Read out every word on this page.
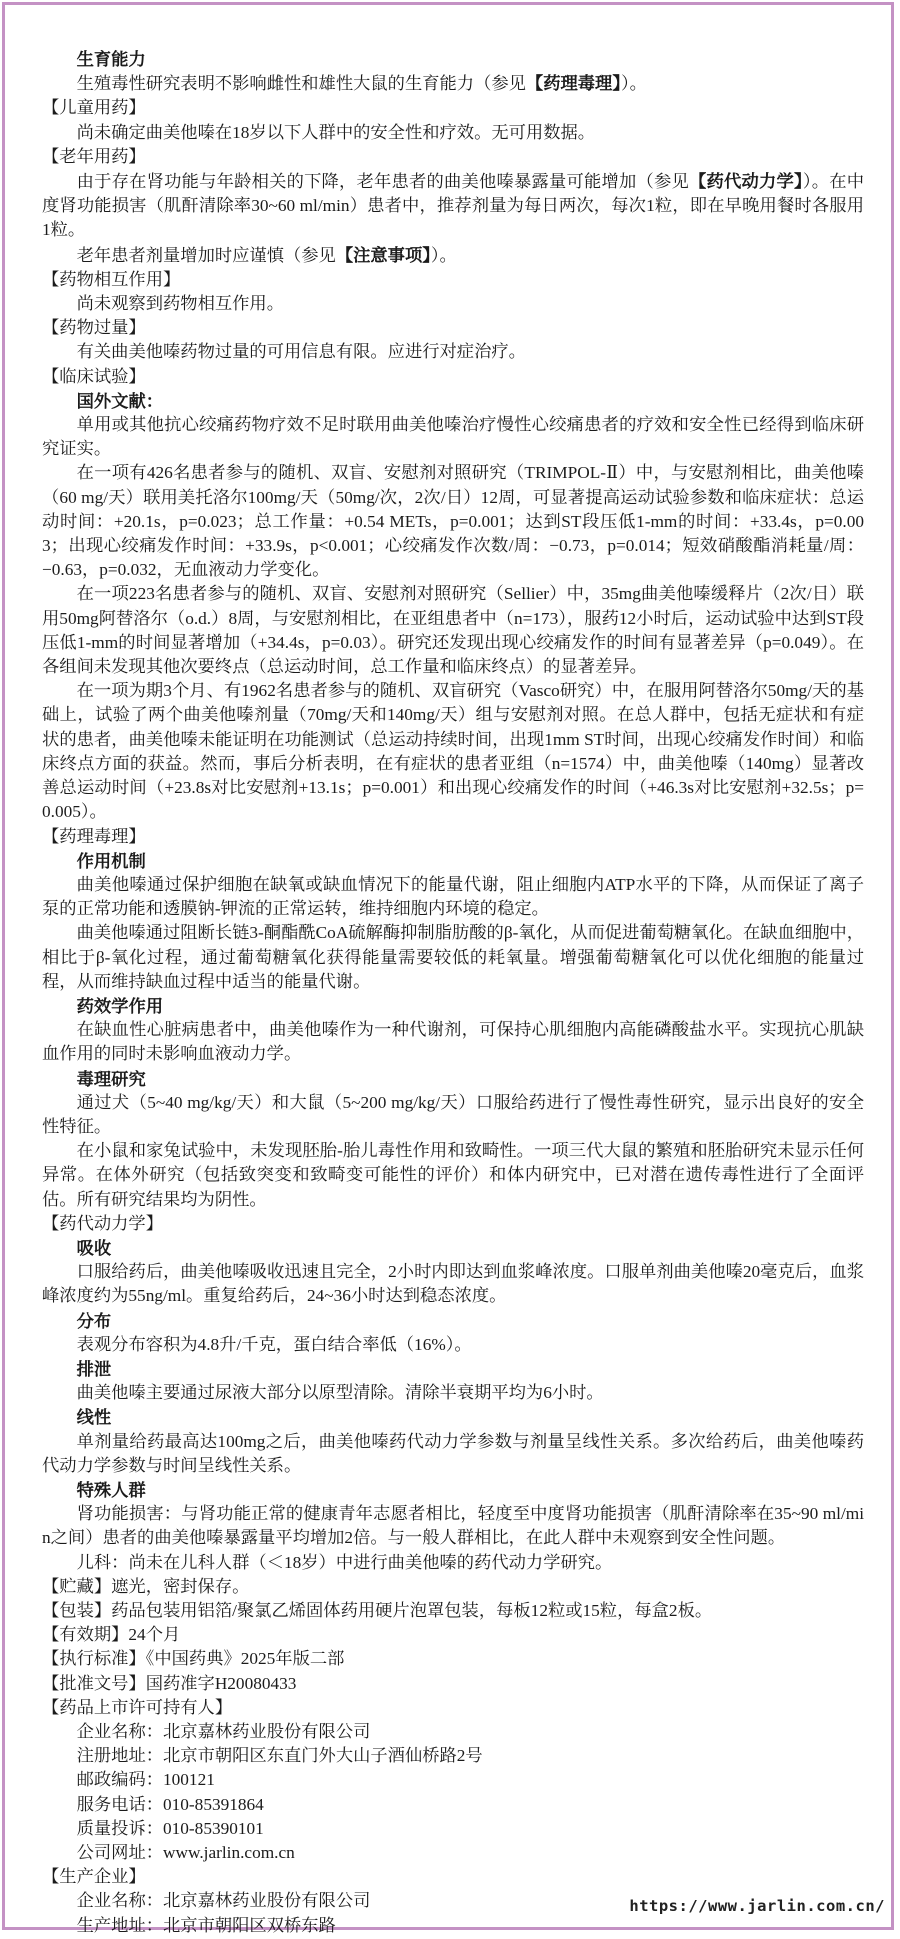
生育能力
生殖毒性研究表明不影响雌性和雄性大鼠的生育能力（参见【药理毒理】）。
【儿童用药】
尚未确定曲美他嗪在18岁以下人群中的安全性和疗效。无可用数据。
【老年用药】
由于存在肾功能与年龄相关的下降，老年患者的曲美他嗪暴露量可能增加（参见【药代动力学】）。在中度肾功能损害（肌酐清除率30~60 ml/min）患者中，推荐剂量为每日两次，每次1粒，即在早晚用餐时各服用1粒。
老年患者剂量增加时应谨慎（参见【注意事项】）。
【药物相互作用】
尚未观察到药物相互作用。
【药物过量】
有关曲美他嗪药物过量的可用信息有限。应进行对症治疗。
【临床试验】
国外文献：
单用或其他抗心绞痛药物疗效不足时联用曲美他嗪治疗慢性心绞痛患者的疗效和安全性已经得到临床研究证实。
在一项有426名患者参与的随机、双盲、安慰剂对照研究（TRIMPOL-Ⅱ）中，与安慰剂相比，曲美他嗪（60 mg/天）联用美托洛尔100mg/天（50mg/次，2次/日）12周，可显著提高运动试验参数和临床症状：总运动时间：+20.1s，p=0.023；总工作量：+0.54 METs，p=0.001；达到ST段压低1-mm的时间：+33.4s，p=0.003；出现心绞痛发作时间：+33.9s，p<0.001；心绞痛发作次数/周：−0.73，p=0.014；短效硝酸酯消耗量/周：−0.63，p=0.032，无血液动力学变化。
在一项223名患者参与的随机、双盲、安慰剂对照研究（Sellier）中，35mg曲美他嗪缓释片（2次/日）联用50mg阿替洛尔（o.d.）8周，与安慰剂相比，在亚组患者中（n=173），服药12小时后，运动试验中达到ST段压低1-mm的时间显著增加（+34.4s，p=0.03）。研究还发现出现心绞痛发作的时间有显著差异（p=0.049）。在各组间未发现其他次要终点（总运动时间，总工作量和临床终点）的显著差异。
在一项为期3个月、有1962名患者参与的随机、双盲研究（Vasco研究）中，在服用阿替洛尔50mg/天的基础上，试验了两个曲美他嗪剂量（70mg/天和140mg/天）组与安慰剂对照。在总人群中，包括无症状和有症状的患者，曲美他嗪未能证明在功能测试（总运动持续时间，出现1mm ST时间，出现心绞痛发作时间）和临床终点方面的获益。然而，事后分析表明，在有症状的患者亚组（n=1574）中，曲美他嗪（140mg）显著改善总运动时间（+23.8s对比安慰剂+13.1s；p=0.001）和出现心绞痛发作的时间（+46.3s对比安慰剂+32.5s；p=0.005）。
【药理毒理】
作用机制
曲美他嗪通过保护细胞在缺氧或缺血情况下的能量代谢，阻止细胞内ATP水平的下降，从而保证了离子泵的正常功能和透膜钠-钾流的正常运转，维持细胞内环境的稳定。
曲美他嗪通过阻断长链3-酮酯酰CoA硫解酶抑制脂肪酸的β-氧化，从而促进葡萄糖氧化。在缺血细胞中，相比于β-氧化过程，通过葡萄糖氧化获得能量需要较低的耗氧量。增强葡萄糖氧化可以优化细胞的能量过程，从而维持缺血过程中适当的能量代谢。
药效学作用
在缺血性心脏病患者中，曲美他嗪作为一种代谢剂，可保持心肌细胞内高能磷酸盐水平。实现抗心肌缺血作用的同时未影响血液动力学。
毒理研究
通过犬（5~40 mg/kg/天）和大鼠（5~200 mg/kg/天）口服给药进行了慢性毒性研究，显示出良好的安全性特征。
在小鼠和家兔试验中，未发现胚胎-胎儿毒性作用和致畸性。一项三代大鼠的繁殖和胚胎研究未显示任何异常。在体外研究（包括致突变和致畸变可能性的评价）和体内研究中，已对潜在遗传毒性进行了全面评估。所有研究结果均为阴性。
【药代动力学】
吸收
口服给药后，曲美他嗪吸收迅速且完全，2小时内即达到血浆峰浓度。口服单剂曲美他嗪20毫克后，血浆峰浓度约为55ng/ml。重复给药后，24~36小时达到稳态浓度。
分布
表观分布容积为4.8升/千克，蛋白结合率低（16%）。
排泄
曲美他嗪主要通过尿液大部分以原型清除。清除半衰期平均为6小时。
线性
单剂量给药最高达100mg之后，曲美他嗪药代动力学参数与剂量呈线性关系。多次给药后，曲美他嗪药代动力学参数与时间呈线性关系。
特殊人群
肾功能损害：与肾功能正常的健康青年志愿者相比，轻度至中度肾功能损害（肌酐清除率在35~90 ml/min之间）患者的曲美他嗪暴露量平均增加2倍。与一般人群相比，在此人群中未观察到安全性问题。
儿科：尚未在儿科人群（＜18岁）中进行曲美他嗪的药代动力学研究。
【贮藏】遮光，密封保存。
【包装】药品包装用铝箔/聚氯乙烯固体药用硬片泡罩包装，每板12粒或15粒，每盒2板。
【有效期】24个月
【执行标准】《中国药典》2025年版二部
【批准文号】国药准字H20080433
【药品上市许可持有人】
企业名称：北京嘉林药业股份有限公司
注册地址：北京市朝阳区东直门外大山子酒仙桥路2号
邮政编码：100121
服务电话：010-85391864
质量投诉：010-85390101
公司网址：www.jarlin.com.cn
【生产企业】
企业名称：北京嘉林药业股份有限公司
生产地址：北京市朝阳区双桥东路
https://www.jarlin.com.cn/
